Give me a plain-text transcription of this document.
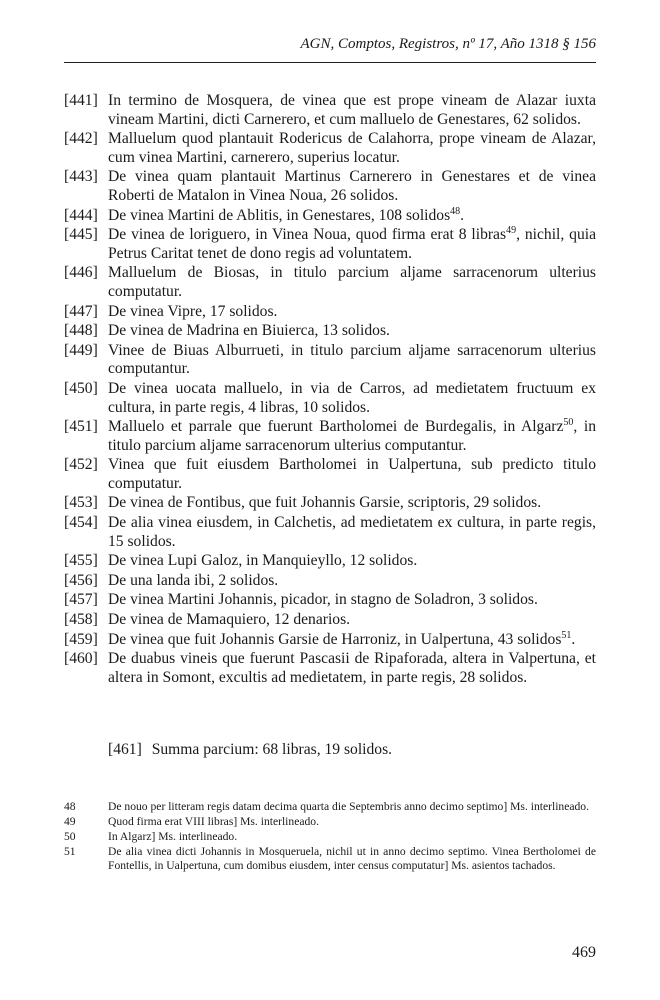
AGN, Comptos, Registros, nº 17, Año 1318 § 156
[441] In termino de Mosquera, de vinea que est prope vineam de Alazar iuxta vineam Martini, dicti Carnerero, et cum malluelo de Genestares, 62 solidos.
[442] Malluelum quod plantauit Rodericus de Calahorra, prope vineam de Alazar, cum vinea Martini, carnerero, superius locatur.
[443] De vinea quam plantauit Martinus Carnerero in Genestares et de vinea Roberti de Matalon in Vinea Noua, 26 solidos.
[444] De vinea Martini de Ablitis, in Genestares, 108 solidos$^{48}$.
[445] De vinea de loriguero, in Vinea Noua, quod firma erat 8 libras$^{49}$, nichil, quia Petrus Caritat tenet de dono regis ad voluntatem.
[446] Malluelum de Biosas, in titulo parcium aljame sarracenorum ulterius computatur.
[447] De vinea Vipre, 17 solidos.
[448] De vinea de Madrina en Biuierca, 13 solidos.
[449] Vinee de Biuas Alburrueti, in titulo parcium aljame sarracenorum ulterius computantur.
[450] De vinea uocata malluelo, in via de Carros, ad medietatem fructuum ex cultura, in parte regis, 4 libras, 10 solidos.
[451] Malluelo et parrale que fuerunt Bartholomei de Burdegalis, in Algarz$^{50}$, in titulo parcium aljame sarracenorum ulterius computantur.
[452] Vinea que fuit eiusdem Bartholomei in Ualpertuna, sub predicto titulo computatur.
[453] De vinea de Fontibus, que fuit Johannis Garsie, scriptoris, 29 solidos.
[454] De alia vinea eiusdem, in Calchetis, ad medietatem ex cultura, in parte regis, 15 solidos.
[455] De vinea Lupi Galoz, in Manquieyllo, 12 solidos.
[456] De una landa ibi, 2 solidos.
[457] De vinea Martini Johannis, picador, in stagno de Soladron, 3 solidos.
[458] De vinea de Mamaquiero, 12 denarios.
[459] De vinea que fuit Johannis Garsie de Harroniz, in Ualpertuna, 43 solidos$^{51}$.
[460] De duabus vineis que fuerunt Pascasii de Ripaforada, altera in Valpertuna, et altera in Somont, excultis ad medietatem, in parte regis, 28 solidos.
[461] Summa parcium: 68 libras, 19 solidos.
48	De nouo per litteram regis datam decima quarta die Septembris anno decimo septimo] Ms. interlineado.
49	Quod firma erat VIII libras] Ms. interlineado.
50	In Algarz] Ms. interlineado.
51	De alia vinea dicti Johannis in Mosqueruela, nichil ut in anno decimo septimo. Vinea Bertholomei de Fontellis, in Ualpertuna, cum domibus eiusdem, inter census computatur] Ms. asientos tachados.
469
